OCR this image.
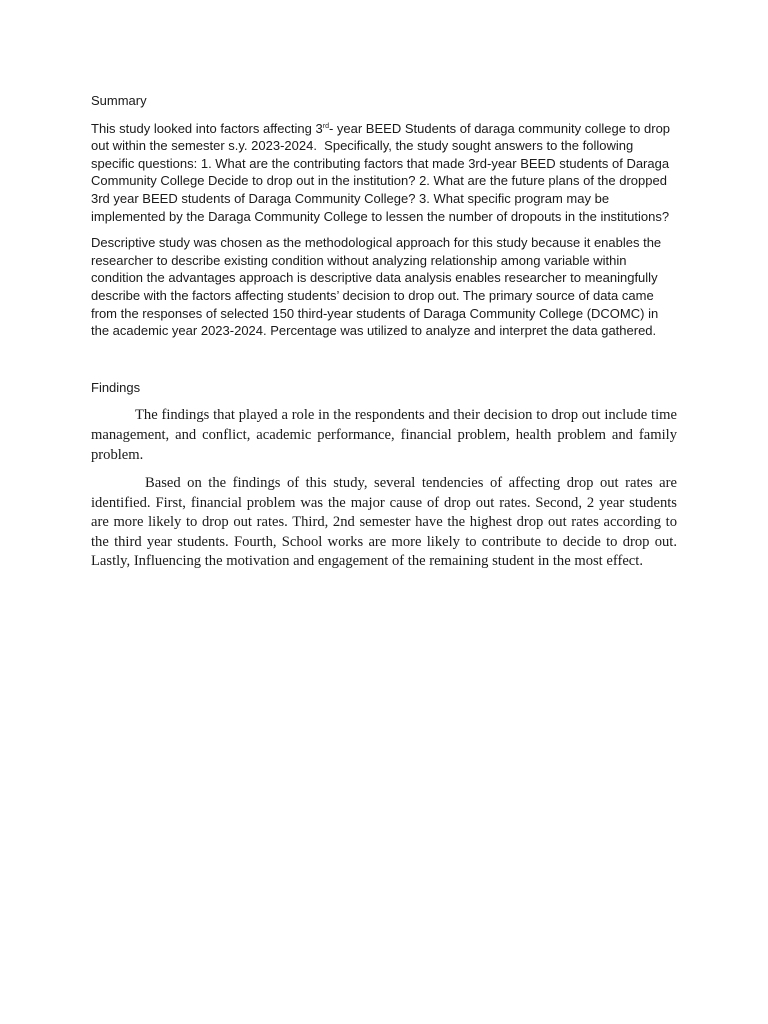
Summary

This study looked into factors affecting 3rd- year BEED Students of daraga community college to drop out within the semester s.y. 2023-2024.  Specifically, the study sought answers to the following specific questions: 1. What are the contributing factors that made 3rd-year BEED students of Daraga Community College Decide to drop out in the institution? 2. What are the future plans of the dropped 3rd year BEED students of Daraga Community College? 3. What specific program may be implemented by the Daraga Community College to lessen the number of dropouts in the institutions?

Descriptive study was chosen as the methodological approach for this study because it enables the researcher to describe existing condition without analyzing relationship among variable within condition the advantages approach is descriptive data analysis enables researcher to meaningfully describe with the factors affecting students’ decision to drop out. The primary source of data came from the responses of selected 150 third-year students of Daraga Community College (DCOMC) in the academic year 2023-2024. Percentage was utilized to analyze and interpret the data gathered.

Findings

The findings that played a role in the respondents and their decision to drop out include time management, and conflict, academic performance, financial problem, health problem and family problem.

Based on the findings of this study, several tendencies of affecting drop out rates are identified. First, financial problem was the major cause of drop out rates. Second, 2 year students are more likely to drop out rates. Third, 2nd semester have the highest drop out rates according to the third year students. Fourth, School works are more likely to contribute to decide to drop out. Lastly, Influencing the motivation and engagement of the remaining student in the most effect.
